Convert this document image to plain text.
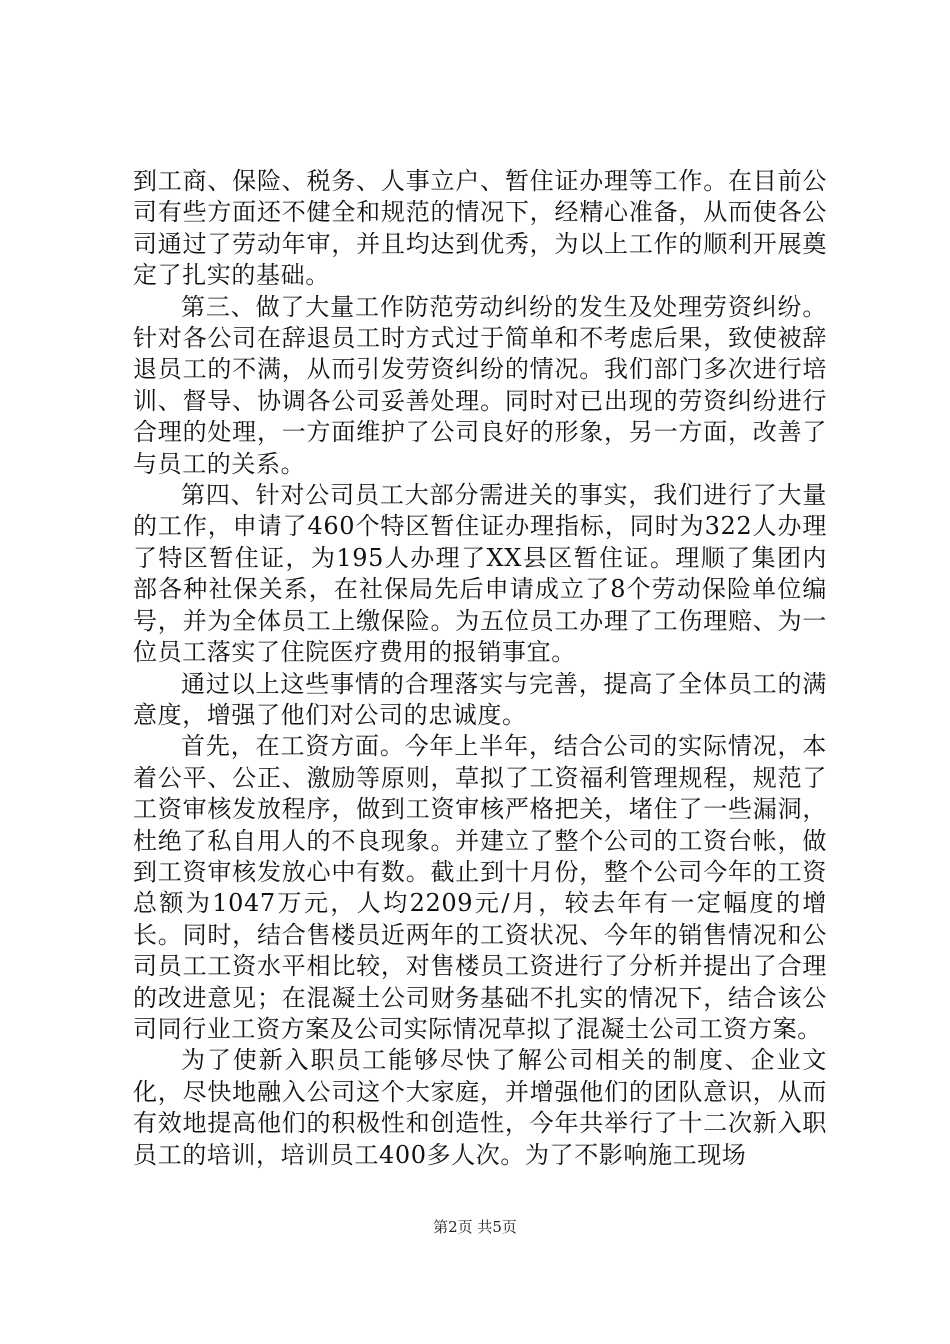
到工商、保险、税务、人事立户、暂住证办理等工作。在目前公司有些方面还不健全和规范的情况下，经精心准备，从而使各公司通过了劳动年审，并且均达到优秀，为以上工作的顺利开展奠定了扎实的基础。

第三、做了大量工作防范劳动纠纷的发生及处理劳资纠纷。针对各公司在辞退员工时方式过于简单和不考虑后果，致使被辞退员工的不满，从而引发劳资纠纷的情况。我们部门多次进行培训、督导、协调各公司妥善处理。同时对已出现的劳资纠纷进行合理的处理，一方面维护了公司良好的形象，另一方面，改善了与员工的关系。

第四、针对公司员工大部分需进关的事实，我们进行了大量的工作，申请了460个特区暂住证办理指标，同时为322人办理了特区暂住证，为195人办理了XX县区暂住证。理顺了集团内部各种社保关系，在社保局先后申请成立了8个劳动保险单位编号，并为全体员工上缴保险。为五位员工办理了工伤理赔、为一位员工落实了住院医疗费用的报销事宜。

通过以上这些事情的合理落实与完善，提高了全体员工的满意度，增强了他们对公司的忠诚度。

首先，在工资方面。今年上半年，结合公司的实际情况，本着公平、公正、激励等原则，草拟了工资福利管理规程，规范了工资审核发放程序，做到工资审核严格把关，堵住了一些漏洞，杜绝了私自用人的不良现象。并建立了整个公司的工资台帐，做到工资审核发放心中有数。截止到十月份，整个公司今年的工资总额为1047万元，人均2209元/月，较去年有一定幅度的增长。同时，结合售楼员近两年的工资状况、今年的销售情况和公司员工工资水平相比较，对售楼员工资进行了分析并提出了合理的改进意见；在混凝土公司财务基础不扎实的情况下，结合该公司同行业工资方案及公司实际情况草拟了混凝土公司工资方案。

为了使新入职员工能够尽快了解公司相关的制度、企业文化，尽快地融入公司这个大家庭，并增强他们的团队意识，从而有效地提高他们的积极性和创造性，今年共举行了十二次新入职员工的培训，培训员工400多人次。为了不影响施工现场

第2页 共5页
